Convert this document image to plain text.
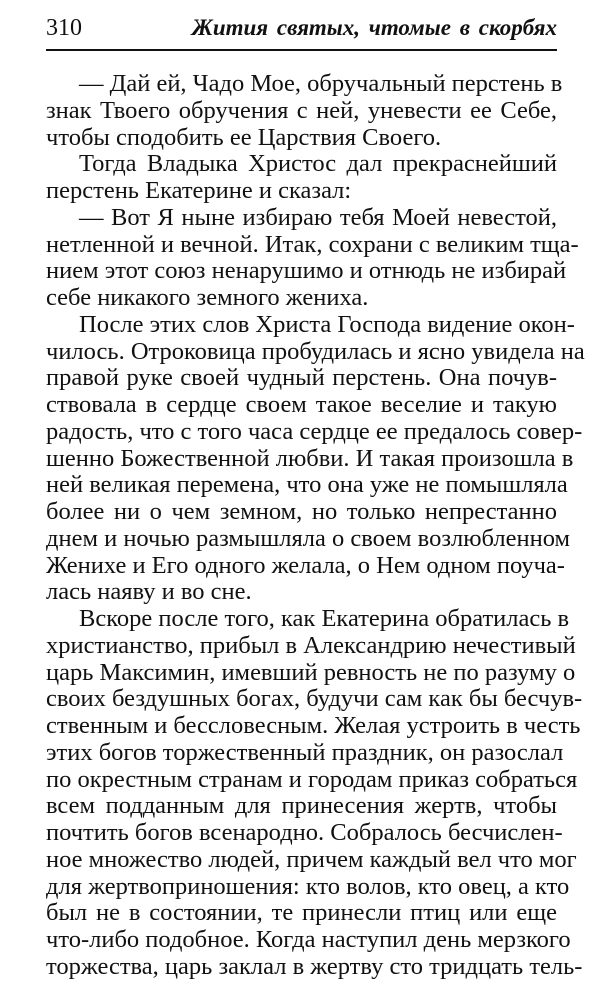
310	Жития святых, чтомые в скорбях
— Дай ей, Чадо Мое, обручальный перстень в
знак Твоего обручения с ней, уневести ее Себе,
чтобы сподобить ее Царствия Своего.
Тогда Владыка Христос дал прекраснейший
перстень Екатерине и сказал:
— Вот Я ныне избираю тебя Моей невестой,
нетленной и вечной. Итак, сохрани с великим тща-
нием этот союз ненарушимо и отнюдь не избирай
себе никакого земного жениха.
После этих слов Христа Господа видение окон-
чилось. Отроковица пробудилась и ясно увидела на
правой руке своей чудный перстень. Она почув-
ствовала в сердце своем такое веселие и такую
радость, что с того часа сердце ее предалось совер-
шенно Божественной любви. И такая произошла в
ней великая перемена, что она уже не помышляла
более ни о чем земном, но только непрестанно
днем и ночью размышляла о своем возлюбленном
Женихе и Его одного желала, о Нем одном поуча-
лась наяву и во сне.
Вскоре после того, как Екатерина обратилась в
христианство, прибыл в Александрию нечестивый
царь Максимин, имевший ревность не по разуму о
своих бездушных богах, будучи сам как бы бесчув-
ственным и бессловесным. Желая устроить в честь
этих богов торжественный праздник, он разослал
по окрестным странам и городам приказ собраться
всем подданным для принесения жертв, чтобы
почтить богов всенародно. Собралось бесчислен-
ное множество людей, причем каждый вел что мог
для жертвоприношения: кто волов, кто овец, а кто
был не в состоянии, те принесли птиц или еще
что-либо подобное. Когда наступил день мерзкого
торжества, царь заклал в жертву сто тридцать тель-
